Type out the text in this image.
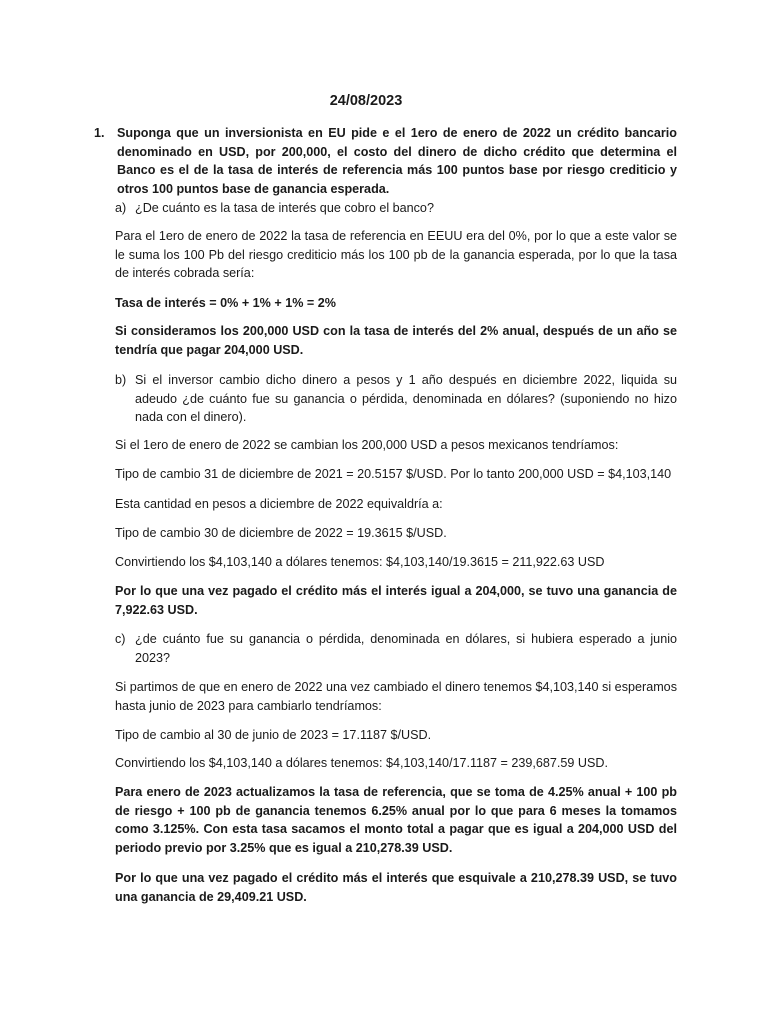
24/08/2023
1. Suponga que un inversionista en EU pide e el 1ero de enero de 2022 un crédito bancario denominado en USD, por 200,000, el costo del dinero de dicho crédito que determina el Banco es el de la tasa de interés de referencia más 100 puntos base por riesgo crediticio y otros 100 puntos base de ganancia esperada.

a) ¿De cuánto es la tasa de interés que cobro el banco?

Para el 1ero de enero de 2022 la tasa de referencia en EEUU era del 0%, por lo que a este valor se le suma los 100 Pb del riesgo crediticio más los 100 pb de la ganancia esperada, por lo que la tasa de interés cobrada sería:

Tasa de interés = 0% + 1% + 1% = 2%

Si consideramos los 200,000 USD con la tasa de interés del 2% anual, después de un año se tendría que pagar 204,000 USD.

b) Si el inversor cambio dicho dinero a pesos y 1 año después en diciembre 2022, liquida su adeudo ¿de cuánto fue su ganancia o pérdida, denominada en dólares? (suponiendo no hizo nada con el dinero).

Si el 1ero de enero de 2022 se cambian los 200,000 USD a pesos mexicanos tendríamos:

Tipo de cambio 31 de diciembre de 2021 = 20.5157 $/USD. Por lo tanto 200,000 USD = $4,103,140

Esta cantidad en pesos a diciembre de 2022 equivaldría a:

Tipo de cambio 30 de diciembre de 2022 = 19.3615 $/USD.

Convirtiendo los $4,103,140 a dólares tenemos: $4,103,140/19.3615 = 211,922.63 USD

Por lo que una vez pagado el crédito más el interés igual a 204,000, se tuvo una ganancia de 7,922.63 USD.

c) ¿de cuánto fue su ganancia o pérdida, denominada en dólares, si hubiera esperado a junio 2023?

Si partimos de que en enero de 2022 una vez cambiado el dinero tenemos $4,103,140 si esperamos hasta junio de 2023 para cambiarlo tendríamos:

Tipo de cambio al 30 de junio de 2023 = 17.1187 $/USD.

Convirtiendo los $4,103,140 a dólares tenemos: $4,103,140/17.1187 = 239,687.59 USD.

Para enero de 2023 actualizamos la tasa de referencia, que se toma de 4.25% anual + 100 pb de riesgo + 100 pb de ganancia tenemos 6.25% anual por lo que para 6 meses la tomamos como 3.125%. Con esta tasa sacamos el monto total a pagar que es igual a 204,000 USD del periodo previo por 3.25% que es igual a 210,278.39 USD.

Por lo que una vez pagado el crédito más el interés que esquivale a 210,278.39 USD, se tuvo una ganancia de 29,409.21 USD.
